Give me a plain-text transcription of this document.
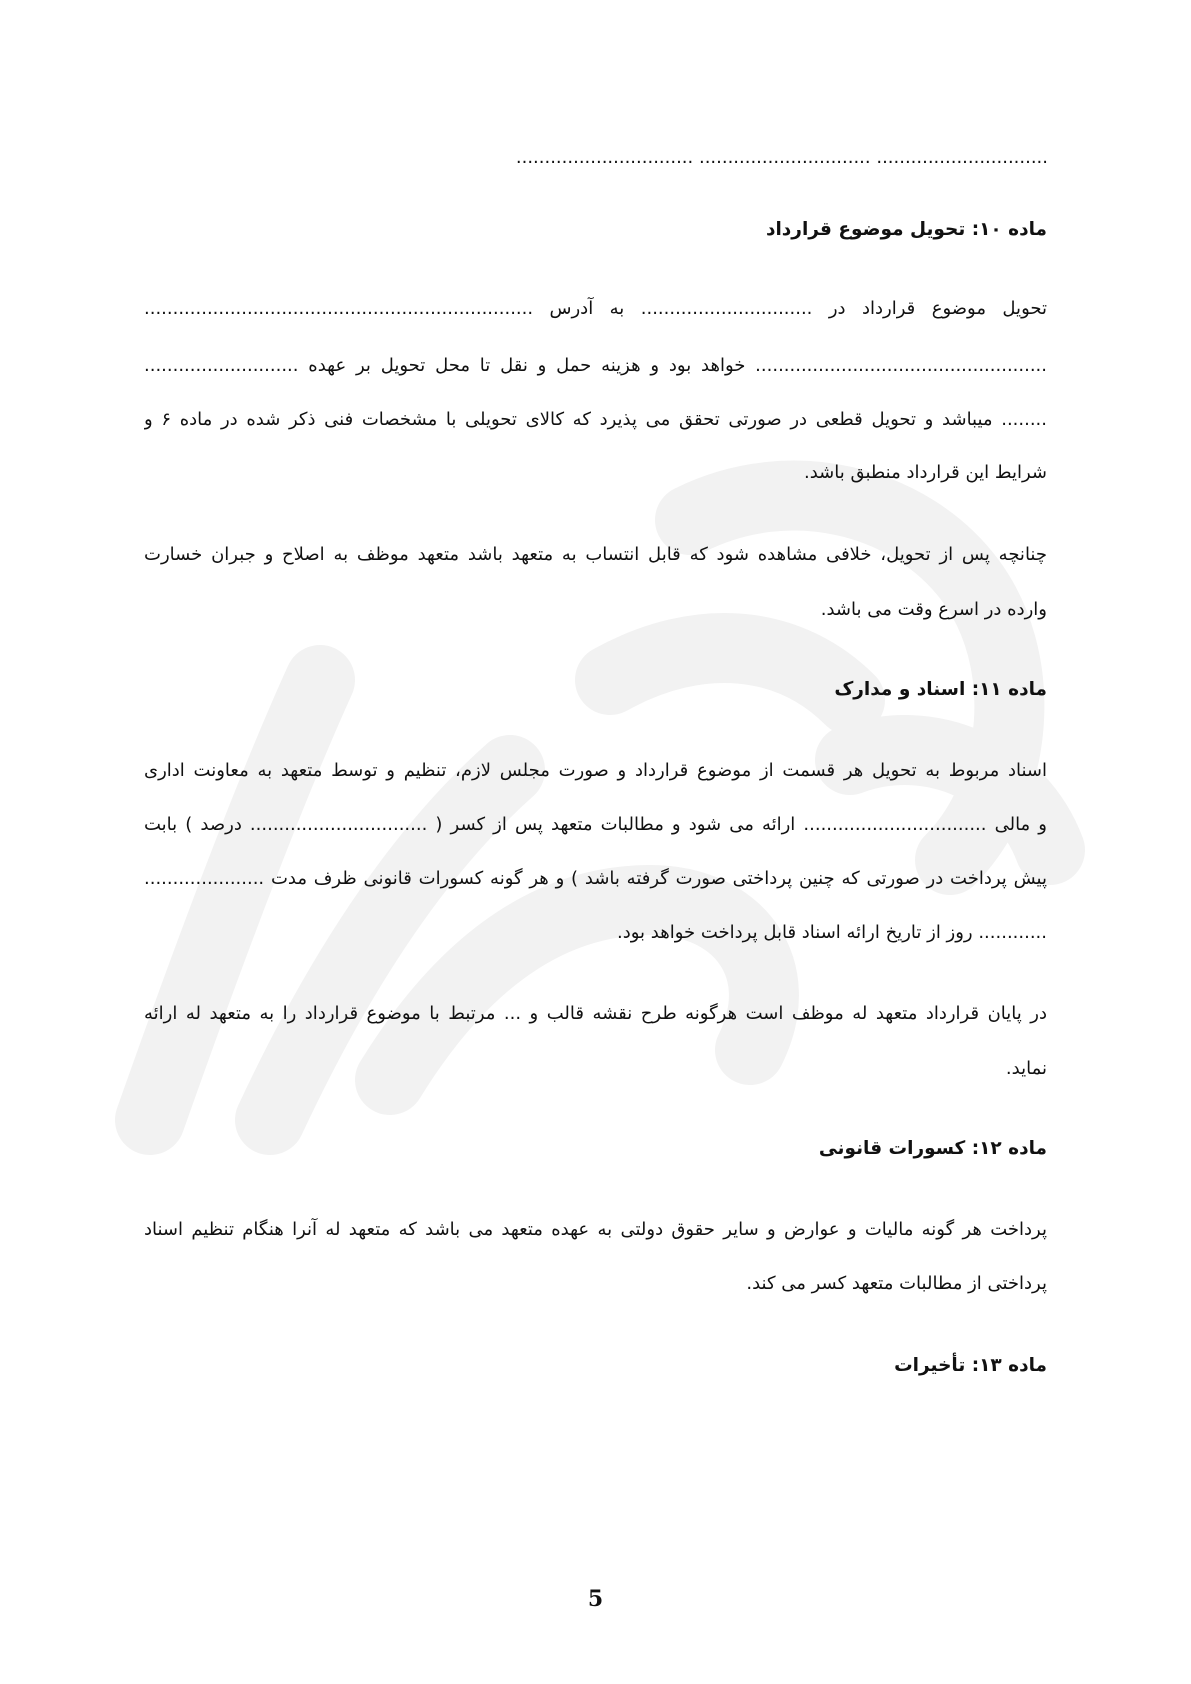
............................... .............................. ..............................
ماده ۱۰: تحویل موضوع قرارداد
تحویل موضوع قرارداد در .............................. به آدرس ....................................................................
................................................... خواهد بود و هزینه حمل و نقل تا محل تحویل بر عهده ...........................
........ میباشد و تحویل قطعی در صورتی تحقق می پذیرد که کالای تحویلی با مشخصات فنی ذکر شده در ماده ۶ و
شرایط این قرارداد منطبق باشد.
چنانچه پس از تحویل، خلافی مشاهده شود که قابل انتساب به متعهد باشد متعهد موظف به اصلاح و جبران خسارت
وارده در اسرع وقت می باشد.
ماده ۱۱: اسناد و مدارک
اسناد مربوط به تحویل هر قسمت از موضوع قرارداد و صورت مجلس لازم، تنظیم و توسط متعهد به معاونت اداری
و مالی ................................ ارائه می شود و مطالبات متعهد پس از کسر ( ............................... درصد ) بابت
پیش پرداخت در صورتی که چنین پرداختی صورت گرفته باشد ) و هر گونه کسورات قانونی ظرف مدت .....................
............ روز از تاریخ ارائه اسناد قابل پرداخت خواهد بود.
در پایان قرارداد متعهد له موظف است هرگونه طرح نقشه قالب و ... مرتبط با موضوع قرارداد را به متعهد له ارائه
نماید.
ماده ۱۲: کسورات قانونی
پرداخت هر گونه مالیات و عوارض و سایر حقوق دولتی به عهده متعهد می باشد که متعهد له آنرا هنگام تنظیم اسناد
پرداختی از مطالبات متعهد کسر می کند.
ماده ۱۳: تأخیرات
5
